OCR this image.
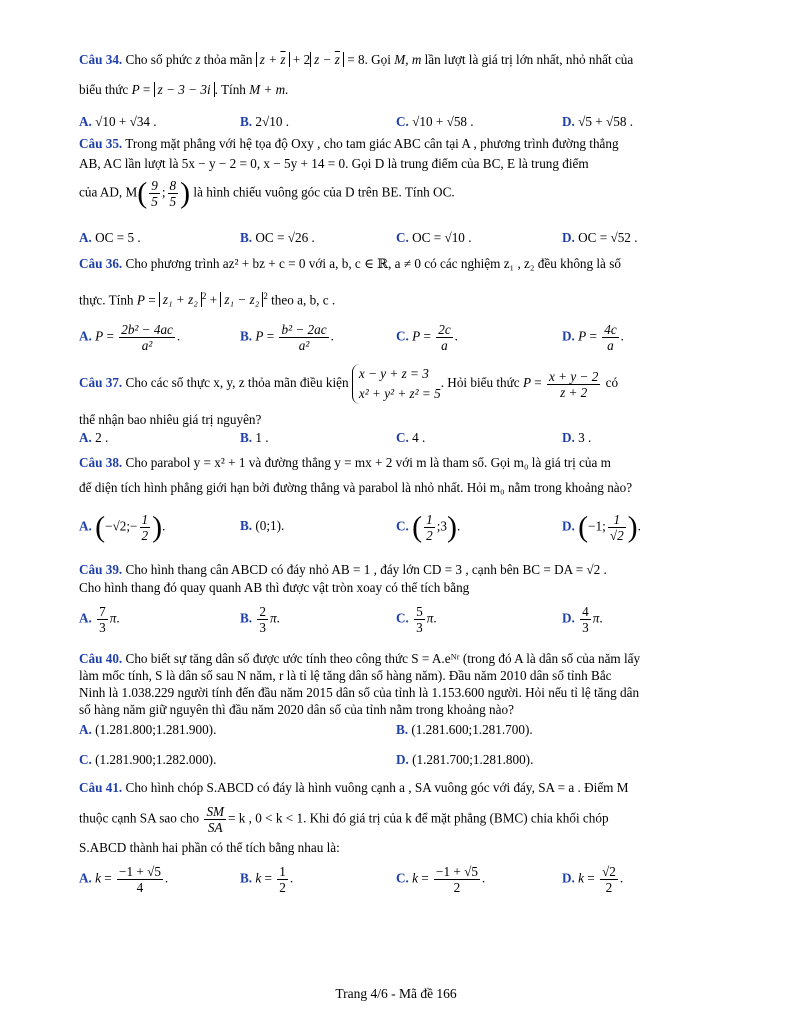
Câu 34. Cho số phức z thỏa mãn $z + \overline{z} + 2$ $z - \overline{z} = 8$. Gọi M, m lần lượt là giá trị lớn nhất, nhỏ nhất của
biểu thức P = z − 3 − 3i . Tính M + m.
A. √10 + √34 .	B. 2√10 .	C. √10 + √58 .	D. √5 + √58 .
Câu 35. Trong mặt phẳng với hệ tọa độ Oxy , cho tam giác ABC cân tại A , phương trình đường thẳng
AB, AC lần lượt là 5x − y − 2 = 0, x − 5y + 14 = 0. Gọi D là trung điểm của BC, E là trung điểm
của AD, $M( \frac{9}{5}$ ; $\frac{8}{5}$ ) là hình chiếu vuông góc của D trên BE. Tính OC.
A. OC = 5 .	B. OC = √26 .	C. OC = √10 .	D. OC = √52 .
Câu 36. Cho phương trình az² + bz + c = 0 với a, b, c ∈ ℝ, a ≠ 0 có các nghiệm z₁ , z₂ đều không là số
thực. Tính P = z₁ + z₂ $^2$ + z₁ − z₂ $^2$ theo a, b, c .
A. $P = \frac{\text{2b² − 4ac}}{\text{a²}}$ .	B. $P = \frac{\text{b² − 2ac}}{\text{a²}}$ .	C. $P = \frac{2c}{a}$ .	D. $P = \frac{4c}{a}$ .
Câu 37. Cho các số thực x, y, z thỏa mãn điều kiện x − y + z = 3
x² + y² + z² = 5. Hỏi biểu thức $P = \frac{x + y - 2}{z + 2}$ có
thể nhận bao nhiêu giá trị nguyên?
A. 2 .	B. 1 .	C. 4 .	D. 3 .
Câu 38. Cho parabol y = x² + 1 và đường thẳng y = mx + 2 với m là tham số. Gọi m₀ là giá trị của m
để diện tích hình phẳng giới hạn bởi đường thẳng và parabol là nhỏ nhất. Hỏi m₀ nằm trong khoảng nào?
A. (−√2;− $\frac{1}{2}$ ).	B. (0;1).	C. ( $\frac{1}{2}$ ;3).	D. (−1; $\frac{1}{√2}$ ).
Câu 39. Cho hình thang cân ABCD có đáy nhỏ AB = 1 , đáy lớn CD = 3 , cạnh bên BC = DA = √2 .
Cho hình thang đó quay quanh AB thì được vật tròn xoay có thể tích bằng
A. $\frac{7}{3} \pi$.	B. $\frac{2}{3} \pi$.	C. $\frac{5}{3} \pi$.	D. $\frac{4}{3} \pi$.
Câu 40. Cho biết sự tăng dân số được ước tính theo công thức S = A.eᴺʳ (trong đó A là dân số của năm lấy
làm mốc tính, S là dân số sau N năm, r là tỉ lệ tăng dân số hàng năm). Đầu năm 2010 dân số tỉnh Bắc
Ninh là 1.038.229 người tính đến đầu năm 2015 dân số của tỉnh là 1.153.600 người. Hỏi nếu tỉ lệ tăng dân
số hàng năm giữ nguyên thì đầu năm 2020 dân số của tỉnh nằm trong khoảng nào?
A. (1.281.800;1.281.900).	B. (1.281.600;1.281.700).
C. (1.281.900;1.282.000).	D. (1.281.700;1.281.800).
Câu 41. Cho hình chóp S.ABCD có đáy là hình vuông cạnh a , SA vuông góc với đáy, SA = a . Điểm M
thuộc cạnh SA sao cho $\frac{SM}{SA} = k$ , 0 < k < 1. Khi đó giá trị của k để mặt phẳng (BMC) chia khối chóp
S.ABCD thành hai phần có thể tích bằng nhau là:
A. $k = \frac{-1 + √5}{4}$ .	B. $k = \frac{1}{2}$ .	C. $k = \frac{-1 + √5}{2}$ .	D. $k = \frac{√2}{2}$ .
Trang 4/6 - Mã đề 166
